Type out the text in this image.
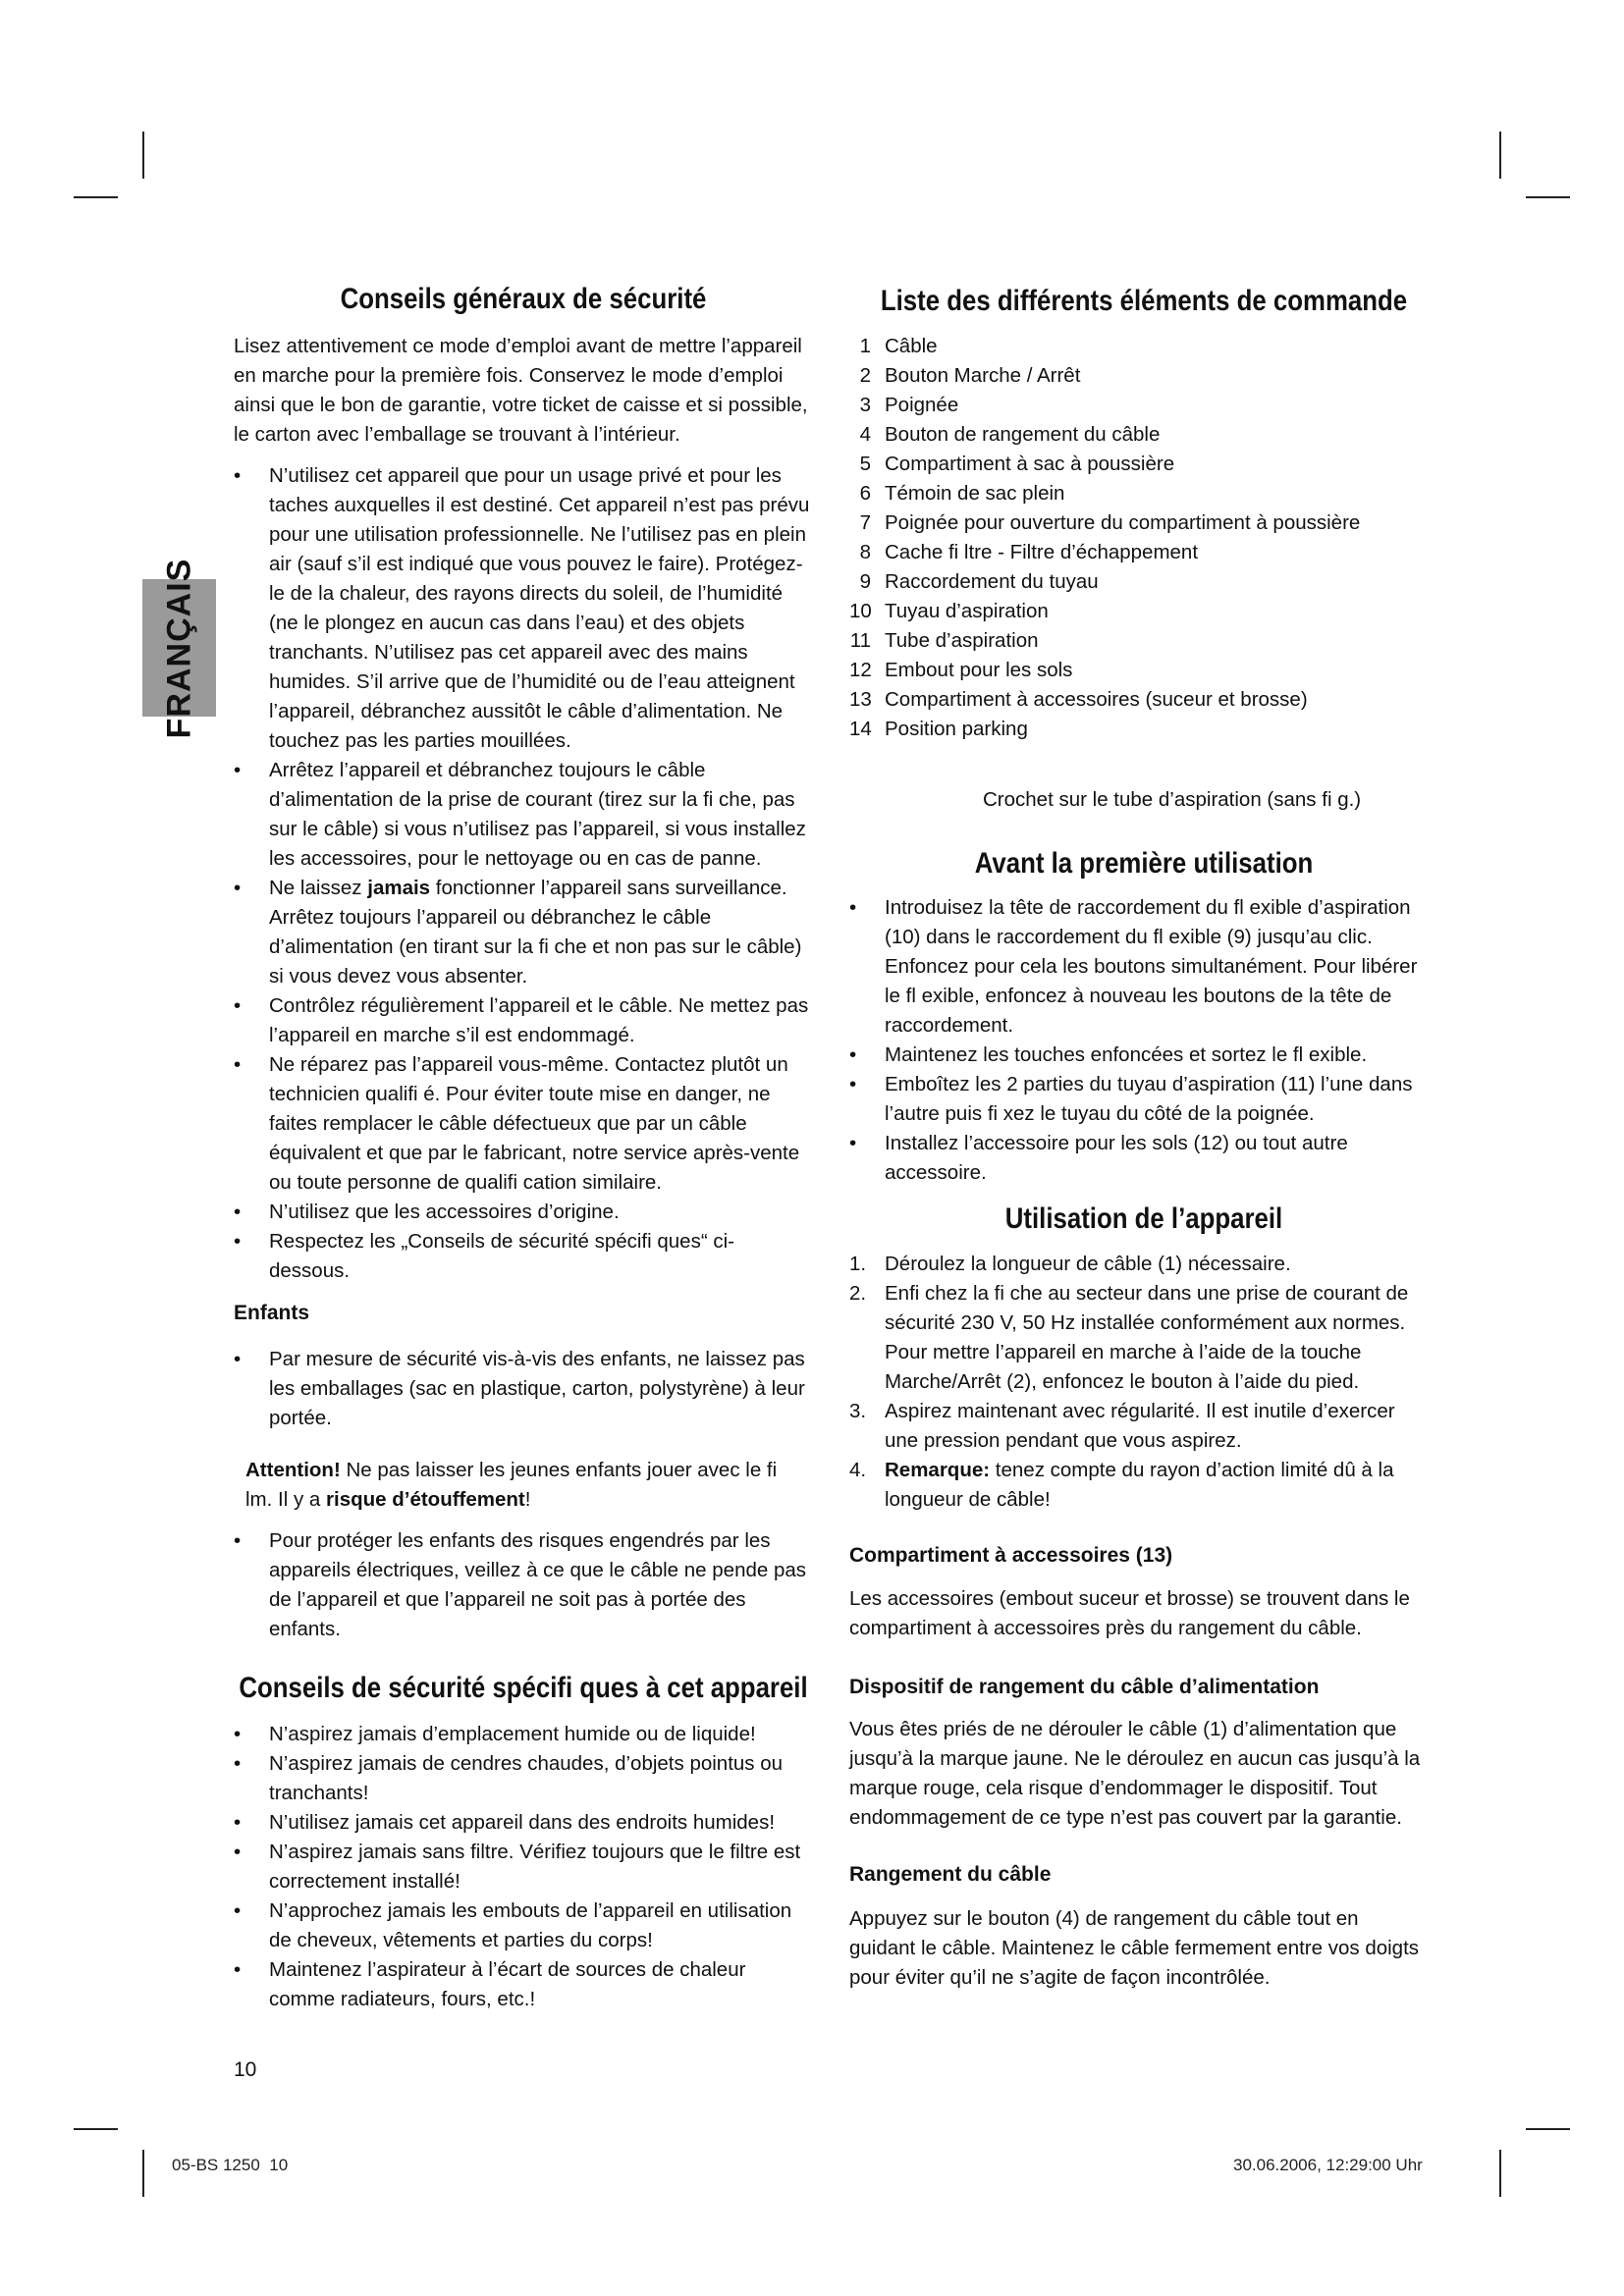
FRANÇAIS
Conseils généraux de sécurité

Lisez attentivement ce mode d’emploi avant de mettre l’appareil en marche pour la première fois. Conservez le mode d’emploi ainsi que le bon de garantie, votre ticket de caisse et si possible, le carton avec l’emballage se trouvant à l’intérieur.

• N’utilisez cet appareil que pour un usage privé et pour les taches auxquelles il est destiné. Cet appareil n’est pas prévu pour une utilisation professionnelle. Ne l’utilisez pas en plein air (sauf s’il est indiqué que vous pouvez le faire). Protégez-le de la chaleur, des rayons directs du soleil, de l’humidité (ne le plongez en aucun cas dans l’eau) et des objets tranchants. N’utilisez pas cet appareil avec des mains humides. S’il arrive que de l’humidité ou de l’eau atteignent l’appareil, débranchez aussitôt le câble d’alimentation. Ne touchez pas les parties mouillées.
• Arrêtez l’appareil et débranchez toujours le câble d’alimentation de la prise de courant (tirez sur la fi che, pas sur le câble) si vous n’utilisez pas l’appareil, si vous installez les accessoires, pour le nettoyage ou en cas de panne.
• Ne laissez jamais fonctionner l’appareil sans surveillance. Arrêtez toujours l’appareil ou débranchez le câble d’alimentation (en tirant sur la fi che et non pas sur le câble) si vous devez vous absenter.
• Contrôlez régulièrement l’appareil et le câble. Ne mettez pas l’appareil en marche s’il est endommagé.
• Ne réparez pas l’appareil vous-même. Contactez plutôt un technicien qualifi é. Pour éviter toute mise en danger, ne faites remplacer le câble défectueux que par un câble équivalent et que par le fabricant, notre service après-vente ou toute personne de qualifi cation similaire.
• N’utilisez que les accessoires d’origine.
• Respectez les „Conseils de sécurité spécifi ques“ ci-dessous.
Enfants
• Par mesure de sécurité vis-à-vis des enfants, ne laissez pas les emballages (sac en plastique, carton, polystyrène) à leur portée.

Attention! Ne pas laisser les jeunes enfants jouer avec le fi lm. Il y a risque d’étouffement!

• Pour protéger les enfants des risques engendrés par les appareils électriques, veillez à ce que le câble ne pende pas de l’appareil et que l’appareil ne soit pas à portée des enfants.
Conseils de sécurité spécifi ques à cet appareil
• N’aspirez jamais d’emplacement humide ou de liquide!
• N’aspirez jamais de cendres chaudes, d’objets pointus ou tranchants!
• N’utilisez jamais cet appareil dans des endroits humides!
• N’aspirez jamais sans filtre. Vérifiez toujours que le filtre est correctement installé!
• N’approchez jamais les embouts de l’appareil en utilisation de cheveux, vêtements et parties du corps!
• Maintenez l’aspirateur à l’écart de sources de chaleur comme radiateurs, fours, etc.!
Liste des différents éléments de commande
1 Câble
2 Bouton Marche / Arrêt
3 Poignée
4 Bouton de rangement du câble
5 Compartiment à sac à poussière
6 Témoin de sac plein
7 Poignée pour ouverture du compartiment à poussière
8 Cache fi ltre - Filtre d’échappement
9 Raccordement du tuyau
10 Tuyau d’aspiration
11 Tube d’aspiration
12 Embout pour les sols
13 Compartiment à accessoires (suceur et brosse)
14 Position parking

Crochet sur le tube d’aspiration (sans fi g.)

Avant la première utilisation
• Introduisez la tête de raccordement du fl exible d’aspiration (10) dans le raccordement du fl exible (9) jusqu’au clic. Enfoncez pour cela les boutons simultanément. Pour libérer le fl exible, enfoncez à nouveau les boutons de la tête de raccordement.
• Maintenez les touches enfoncées et sortez le fl exible.
• Emboîtez les 2 parties du tuyau d’aspiration (11) l’une dans l’autre puis fi xez le tuyau du côté de la poignée.
• Installez l’accessoire pour les sols (12) ou tout autre accessoire.
Utilisation de l’appareil
1. Déroulez la longueur de câble (1) nécessaire.
2. Enfi chez la fi che au secteur dans une prise de courant de sécurité 230 V, 50 Hz installée conformément aux normes. Pour mettre l’appareil en marche à l’aide de la touche Marche/Arrêt (2), enfoncez le bouton à l’aide du pied.
3. Aspirez maintenant avec régularité. Il est inutile d’exercer une pression pendant que vous aspirez.
4. Remarque: tenez compte du rayon d’action limité dû à la longueur de câble!
Compartiment à accessoires (13)

Les accessoires (embout suceur et brosse) se trouvent dans le compartiment à accessoires près du rangement du câble.

Dispositif de rangement du câble d’alimentation

Vous êtes priés de ne dérouler le câble (1) d’alimentation que jusqu’à la marque jaune. Ne le déroulez en aucun cas jusqu’à la marque rouge, cela risque d’endommager le dispositif. Tout endommagement de ce type n’est pas couvert par la garantie.

Rangement du câble

Appuyez sur le bouton (4) de rangement du câble tout en guidant le câble. Maintenez le câble fermement entre vos doigts pour éviter qu’il ne s’agite de façon incontrôlée.

10
05-BS 1250  10	30.06.2006, 12:29:00 Uhr
